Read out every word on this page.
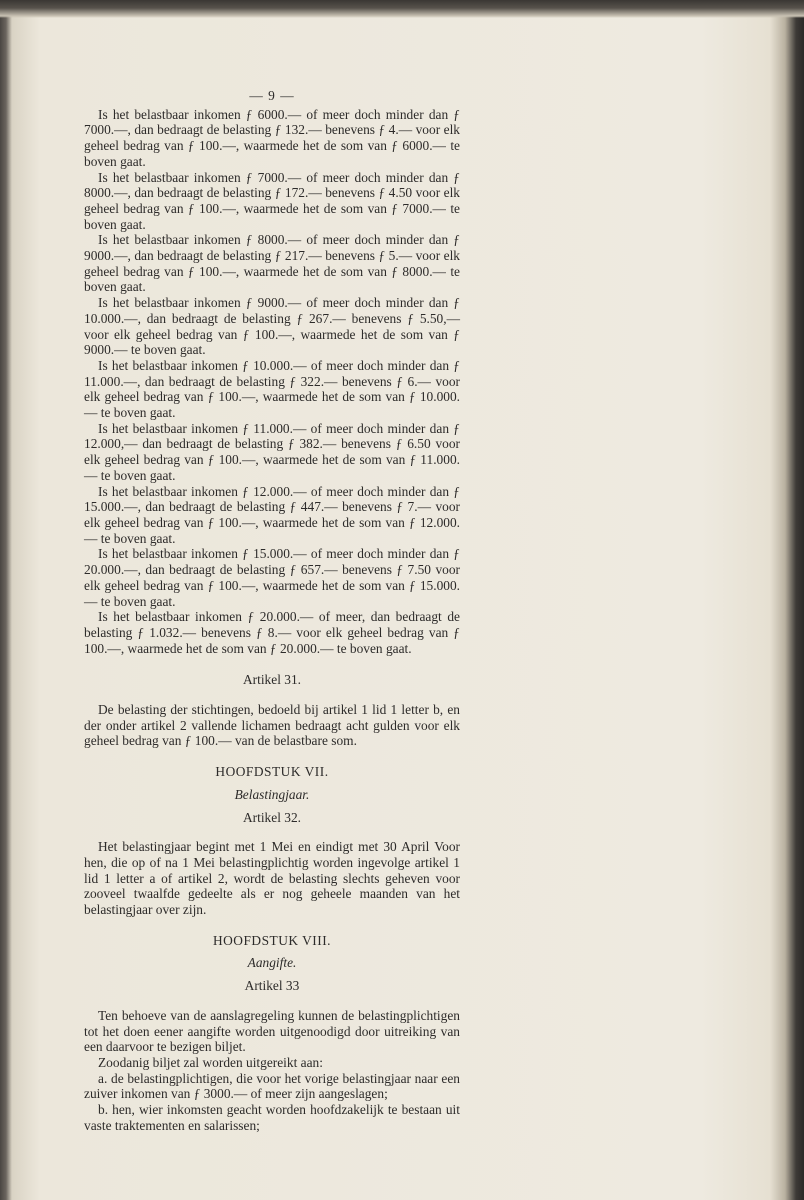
— 9 —

Is het belastbaar inkomen ƒ 6000.— of meer doch minder dan ƒ 7000.—, dan bedraagt de belasting ƒ 132.— benevens ƒ 4.— voor elk geheel bedrag van ƒ 100.—, waarmede het de som van ƒ 6000.— te boven gaat.

Is het belastbaar inkomen ƒ 7000.— of meer doch minder dan ƒ 8000.—, dan bedraagt de belasting ƒ 172.— benevens ƒ 4.50 voor elk geheel bedrag van ƒ 100.—, waarmede het de som van ƒ 7000.— te boven gaat.

Is het belastbaar inkomen ƒ 8000.— of meer doch minder dan ƒ 9000.—, dan bedraagt de belasting ƒ 217.— benevens ƒ 5.— voor elk geheel bedrag van ƒ 100.—, waarmede het de som van ƒ 8000.— te boven gaat.

Is het belastbaar inkomen ƒ 9000.— of meer doch minder dan ƒ 10.000.—, dan bedraagt de belasting ƒ 267.— benevens ƒ 5.50,— voor elk geheel bedrag van ƒ 100.—, waarmede het de som van ƒ 9000.— te boven gaat.

Is het belastbaar inkomen ƒ 10.000.— of meer doch minder dan ƒ 11.000.—, dan bedraagt de belasting ƒ 322.— benevens ƒ 6.— voor elk geheel bedrag van ƒ 100.—, waarmede het de som van ƒ 10.000.— te boven gaat.

Is het belastbaar inkomen ƒ 11.000.— of meer doch minder dan ƒ 12.000,— dan bedraagt de belasting ƒ 382.— benevens ƒ 6.50 voor elk geheel bedrag van ƒ 100.—, waarmede het de som van ƒ 11.000.— te boven gaat.

Is het belastbaar inkomen ƒ 12.000.— of meer doch minder dan ƒ 15.000.—, dan bedraagt de belasting ƒ 447.— benevens ƒ 7.— voor elk geheel bedrag van ƒ 100.—, waarmede het de som van ƒ 12.000.— te boven gaat.

Is het belastbaar inkomen ƒ 15.000.— of meer doch minder dan ƒ 20.000.—, dan bedraagt de belasting ƒ 657.— benevens ƒ 7.50 voor elk geheel bedrag van ƒ 100.—, waarmede het de som van ƒ 15.000.— te boven gaat.

Is het belastbaar inkomen ƒ 20.000.— of meer, dan bedraagt de belasting ƒ 1.032.— benevens ƒ 8.— voor elk geheel bedrag van ƒ 100.—, waarmede het de som van ƒ 20.000.— te boven gaat.

Artikel 31.

De belasting der stichtingen, bedoeld bij artikel 1 lid 1 letter b, en der onder artikel 2 vallende lichamen bedraagt acht gulden voor elk geheel bedrag van ƒ 100.— van de belastbare som.

HOOFDSTUK VII.

Belastingjaar.

Artikel 32.

Het belastingjaar begint met 1 Mei en eindigt met 30 April Voor hen, die op of na 1 Mei belastingplichtig worden ingevolge artikel 1 lid 1 letter a of artikel 2, wordt de belasting slechts geheven voor zooveel twaalfde gedeelte als er nog geheele maanden van het belastingjaar over zijn.

HOOFDSTUK VIII.

Aangifte.

Artikel 33

Ten behoeve van de aanslagregeling kunnen de belastingplichtigen tot het doen eener aangifte worden uitgenoodigd door uitreiking van een daarvoor te bezigen biljet.

Zoodanig biljet zal worden uitgereikt aan:

a. de belastingplichtigen, die voor het vorige belastingjaar naar een zuiver inkomen van ƒ 3000.— of meer zijn aangeslagen;

b. hen, wier inkomsten geacht worden hoofdzakelijk te bestaan uit vaste traktementen en salarissen;
